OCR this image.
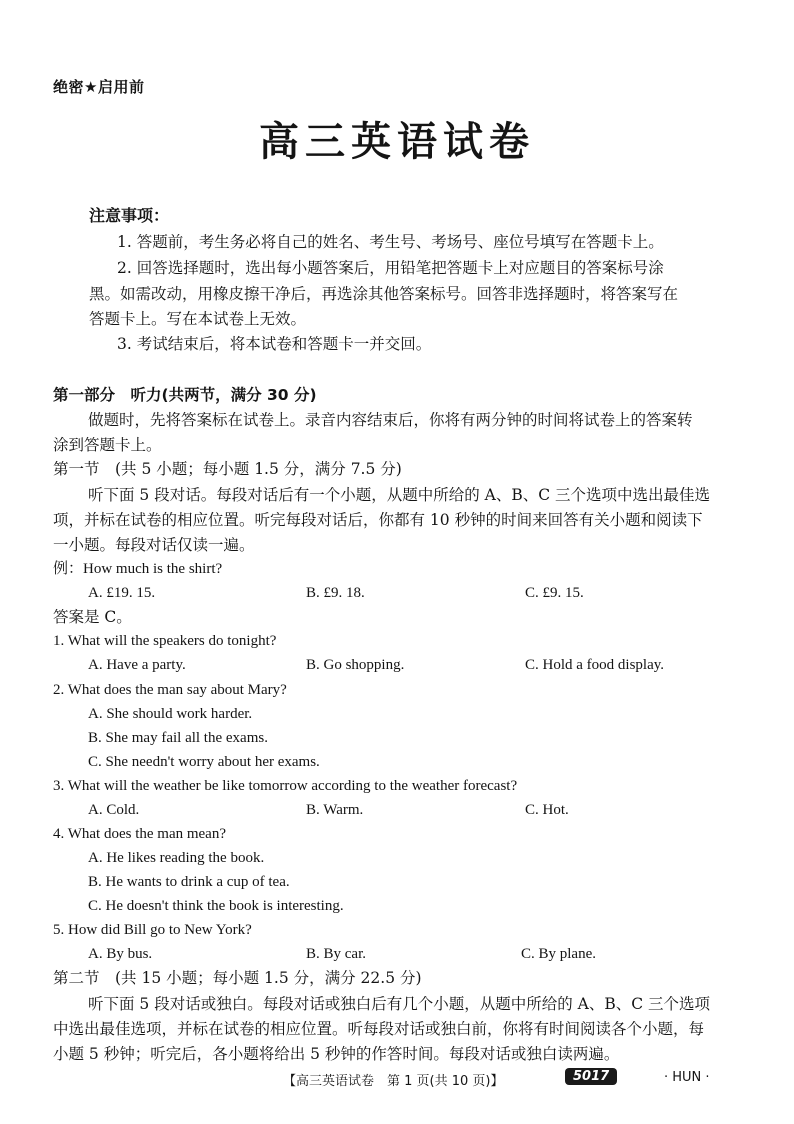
绝密★启用前
高三英语试卷
注意事项：
1. 答题前，考生务必将自己的姓名、考生号、考场号、座位号填写在答题卡上。
2. 回答选择题时，选出每小题答案后，用铅笔把答题卡上对应题目的答案标号涂
黑。如需改动，用橡皮擦干净后，再选涂其他答案标号。回答非选择题时，将答案写在
答题卡上。写在本试卷上无效。
3. 考试结束后，将本试卷和答题卡一并交回。
第一部分　听力(共两节，满分 30 分)
做题时，先将答案标在试卷上。录音内容结束后，你将有两分钟的时间将试卷上的答案转
涂到答题卡上。
第一节　(共 5 小题；每小题 1.5 分，满分 7.5 分)
听下面 5 段对话。每段对话后有一个小题，从题中所给的 A、B、C 三个选项中选出最佳选
项，并标在试卷的相应位置。听完每段对话后，你都有 10 秒钟的时间来回答有关小题和阅读下
一小题。每段对话仅读一遍。
例：How much is the shirt?
A. £19. 15.	B. £9. 18.	C. £9. 15.
答案是 C。
1. What will the speakers do tonight?
A. Have a party.	B. Go shopping.	C. Hold a food display.
2. What does the man say about Mary?
A. She should work harder.
B. She may fail all the exams.
C. She needn't worry about her exams.
3. What will the weather be like tomorrow according to the weather forecast?
A. Cold.	B. Warm.	C. Hot.
4. What does the man mean?
A. He likes reading the book.
B. He wants to drink a cup of tea.
C. He doesn't think the book is interesting.
5. How did Bill go to New York?
A. By bus.	B. By car.	C. By plane.
第二节　(共 15 小题；每小题 1.5 分，满分 22.5 分)
听下面 5 段对话或独白。每段对话或独白后有几个小题，从题中所给的 A、B、C 三个选项
中选出最佳选项，并标在试卷的相应位置。听每段对话或独白前，你将有时间阅读各个小题，每
小题 5 秒钟；听完后，各小题将给出 5 秒钟的作答时间。每段对话或独白读两遍。
【高三英语试卷　第 1 页(共 10 页)】	5017	· HUN ·
